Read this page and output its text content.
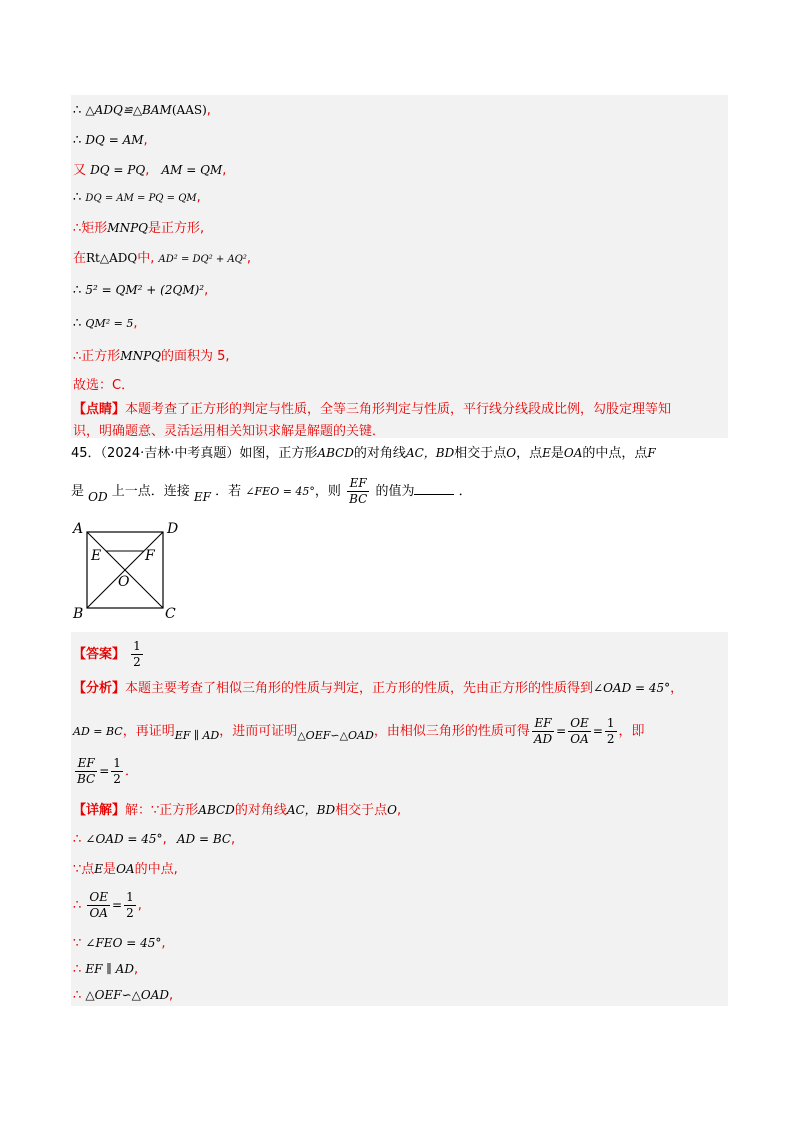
∴ △ADQ≌△BAM(AAS),
∴ DQ = AM,
又 DQ = PQ, AM = QM,
∴ DQ = AM = PQ = QM,
∴矩形MNPQ是正方形,
在Rt△ADQ中, AD² = DQ² + AQ²,
∴ 5² = QM² + (2QM)²,
∴ QM² = 5,
∴正方形MNPQ的面积为 5,
故选：C．
【点睛】本题考查了正方形的判定与性质，全等三角形判定与性质，平行线分线段成比例，勾股定理等知
识，明确题意、灵活运用相关知识求解是解题的关键．
45．（2024·吉林·中考真题）如图，正方形ABCD的对角线AC，BD相交于点O，点E是OA的中点，点F
是 OD 上一点．连接 EF ．若 ∠FEO = 45°，则 $\frac{EF}{BC}$ 的值为	．
A	D
B	C
E	F
O
【答案】 $\frac{1}{2}$
【分析】本题主要考查了相似三角形的性质与判定，正方形的性质，先由正方形的性质得到∠OAD = 45°，
AD = BC，再证明$_{EF \parallel AD}$，进而可证明$_{\triangle OEF∽\triangle OAD}$，由相似三角形的性质可得 $\frac{EF}{AD} = \frac{OE}{OA} = \frac{1}{2}$ ，即
$\frac{EF}{BC} = \frac{1}{2}$ ．
【详解】解：∵正方形ABCD的对角线AC，BD相交于点O,
∴ ∠OAD = 45°, AD = BC,
∵点E是OA的中点,
∴ $\frac{OE}{OA} = \frac{1}{2}$ ,
∵ ∠FEO = 45°,
∴ EF ∥ AD,
∴ △OEF∽△OAD,
